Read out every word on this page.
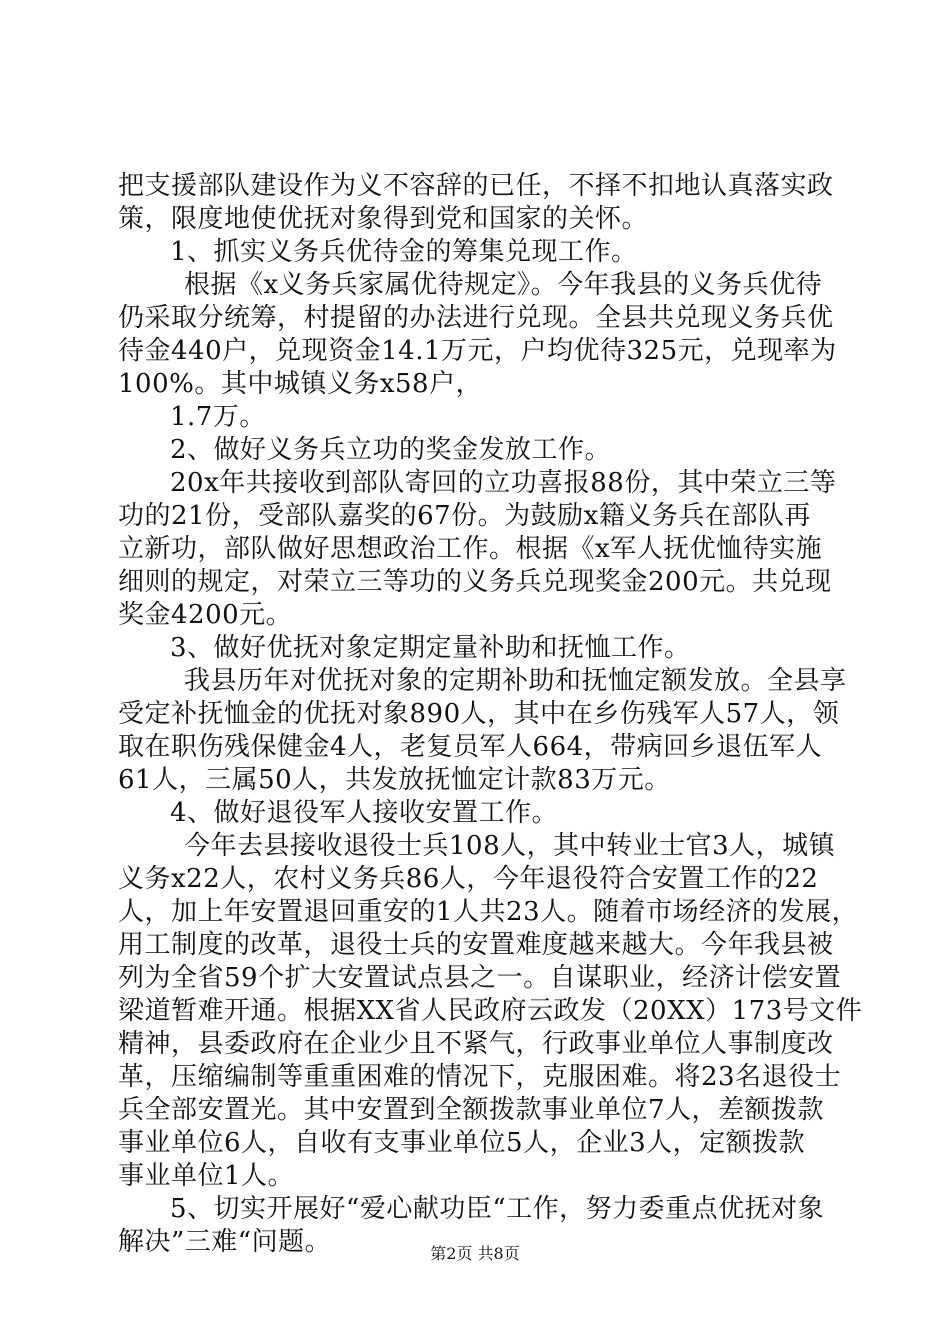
把支援部队建设作为义不容辞的已任，不择不扣地认真落实政
策，限度地使优抚对象得到党和国家的关怀。
1、抓实义务兵优待金的筹集兑现工作。
根据《x义务兵家属优待规定》。今年我县的义务兵优待
仍采取分统筹，村提留的办法进行兑现。全县共兑现义务兵优
待金440户，兑现资金14.1万元，户均优待325元，兑现率为
100%。其中城镇义务x58户，
1.7万。
2、做好义务兵立功的奖金发放工作。
20x年共接收到部队寄回的立功喜报88份，其中荣立三等
功的21份，受部队嘉奖的67份。为鼓励x籍义务兵在部队再
立新功，部队做好思想政治工作。根据《x军人抚优恤待实施
细则的规定，对荣立三等功的义务兵兑现奖金200元。共兑现
奖金4200元。
3、做好优抚对象定期定量补助和抚恤工作。
我县历年对优抚对象的定期补助和抚恤定额发放。全县享
受定补抚恤金的优抚对象890人，其中在乡伤残军人57人，领
取在职伤残保健金4人，老复员军人664，带病回乡退伍军人
61人，三属50人，共发放抚恤定计款83万元。
4、做好退役军人接收安置工作。
今年去县接收退役士兵108人，其中转业士官3人，城镇
义务x22人，农村义务兵86人，今年退役符合安置工作的22
人，加上年安置退回重安的1人共23人。随着市场经济的发展，
用工制度的改革，退役士兵的安置难度越来越大。今年我县被
列为全省59个扩大安置试点县之一。自谋职业，经济计偿安置
梁道暂难开通。根据XX省人民政府云政发（20XX）173号文件
精神，县委政府在企业少且不紧气，行政事业单位人事制度改
革，压缩编制等重重困难的情况下，克服困难。将23名退役士
兵全部安置光。其中安置到全额拨款事业单位7人，差额拨款
事业单位6人，自收有支事业单位5人，企业3人，定额拨款
事业单位1人。
5、切实开展好“爱心献功臣“工作，努力委重点优抚对象
解决”三难“问题。	第2页 共8页
